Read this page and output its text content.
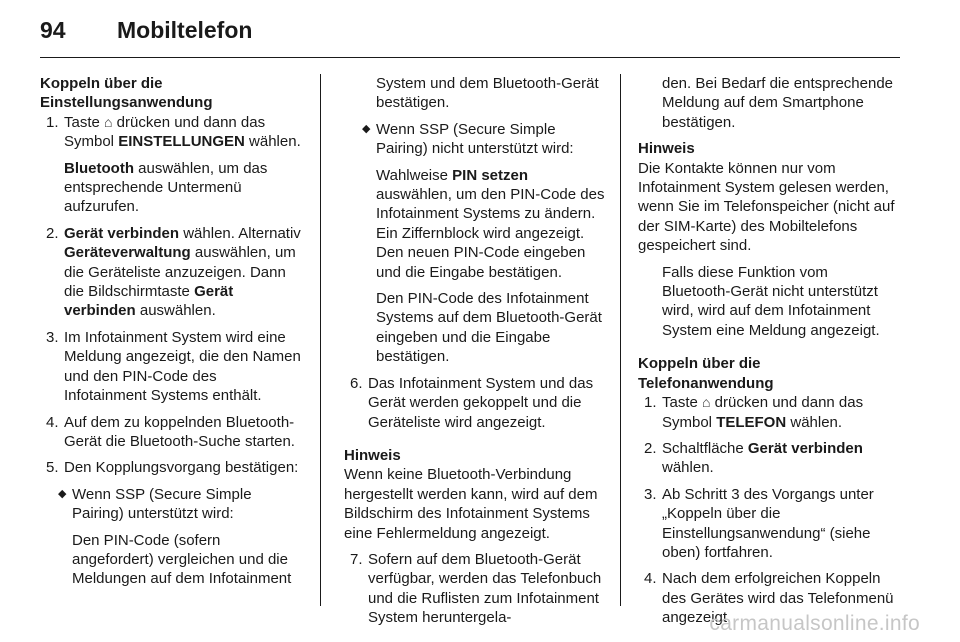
94 Mobiltelefon

Koppeln über die Einstellungsanwendung

1. Taste ⌂ drücken und dann das Symbol EINSTELLUNGEN wählen.

Bluetooth auswählen, um das entsprechende Untermenü aufzurufen.

2. Gerät verbinden wählen. Alternativ Geräteverwaltung auswählen, um die Geräteliste anzuzeigen. Dann die Bildschirmtaste Gerät verbinden auswählen.
3. Im Infotainment System wird eine Meldung angezeigt, die den Namen und den PIN-Code des Infotainment Systems enthält.
4. Auf dem zu koppelnden Bluetooth-Gerät die Bluetooth-Suche starten.
5. Den Kopplungsvorgang bestätigen:
◆ Wenn SSP (Secure Simple Pairing) unterstützt wird:

Den PIN-Code (sofern angefordert) vergleichen und die Meldungen auf dem Infotainment

System und dem Bluetooth-Gerät bestätigen.

◆ Wenn SSP (Secure Simple Pairing) nicht unterstützt wird:

Wahlweise PIN setzen auswählen, um den PIN-Code des Infotainment Systems zu ändern. Ein Ziffernblock wird angezeigt. Den neuen PIN-Code eingeben und die Eingabe bestätigen.

Den PIN-Code des Infotainment Systems auf dem Bluetooth-Gerät eingeben und die Eingabe bestätigen.

6. Das Infotainment System und das Gerät werden gekoppelt und die Geräteliste wird angezeigt.

Hinweis

Wenn keine Bluetooth-Verbindung hergestellt werden kann, wird auf dem Bildschirm des Infotainment Systems eine Fehlermeldung angezeigt.

7. Sofern auf dem Bluetooth-Gerät verfügbar, werden das Telefonbuch und die Ruflisten zum Infotainment System heruntergela-

den. Bei Bedarf die entsprechende Meldung auf dem Smartphone bestätigen.

Hinweis

Die Kontakte können nur vom Infotainment System gelesen werden, wenn Sie im Telefonspeicher (nicht auf der SIM-Karte) des Mobiltelefons gespeichert sind.

Falls diese Funktion vom Bluetooth-Gerät nicht unterstützt wird, wird auf dem Infotainment System eine Meldung angezeigt.

Koppeln über die Telefonanwendung

1. Taste ⌂ drücken und dann das Symbol TELEFON wählen.
2. Schaltfläche Gerät verbinden wählen.
3. Ab Schritt 3 des Vorgangs unter „Koppeln über die Einstellungsanwendung“ (siehe oben) fortfahren.
4. Nach dem erfolgreichen Koppeln des Gerätes wird das Telefonmenü angezeigt.
carmanualsonline.info
